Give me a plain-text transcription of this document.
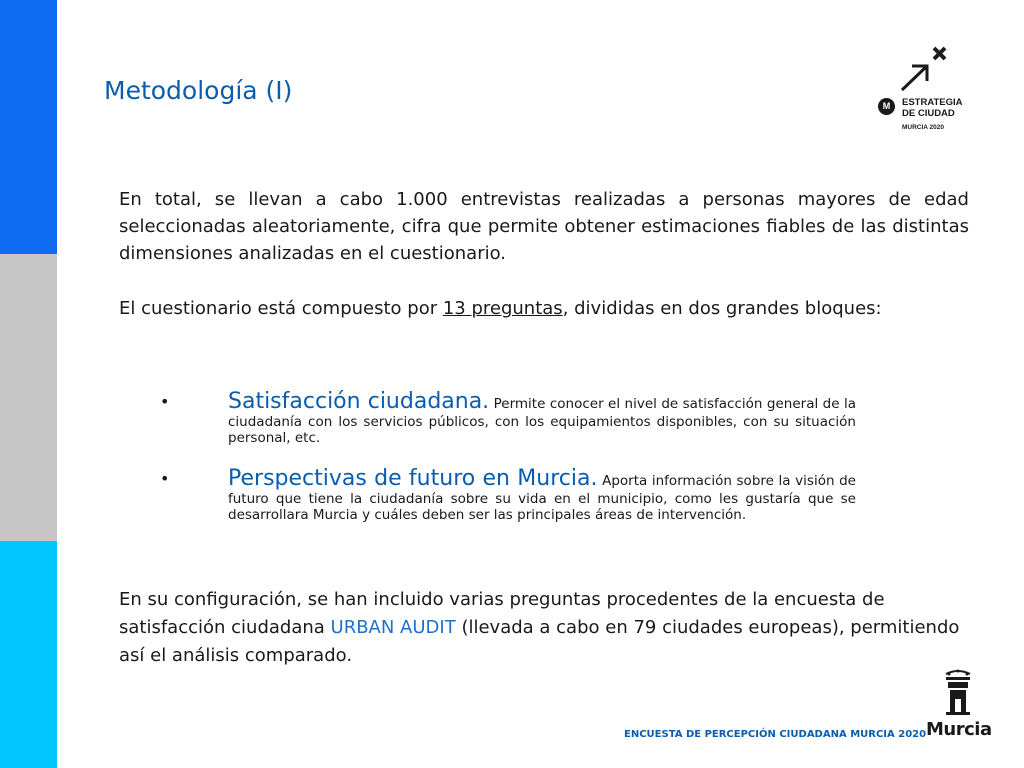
Metodología (I)
M	ESTRATEGIA
DE CIUDAD
MURCIA 2020

En total, se llevan a cabo 1.000 entrevistas realizadas a personas mayores de edad seleccionadas aleatoriamente, cifra que permite obtener estimaciones fiables de las distintas dimensiones analizadas en el cuestionario.

El cuestionario está compuesto por 13 preguntas, divididas en dos grandes bloques:

•	Satisfacción ciudadana. Permite conocer el nivel de satisfacción general de la ciudadanía con los servicios públicos, con los equipamientos disponibles, con su situación personal, etc.
•	Perspectivas de futuro en Murcia. Aporta información sobre la visión de futuro que tiene la ciudadanía sobre su vida en el municipio, como les gustaría que se desarrollara Murcia y cuáles deben ser las principales áreas de intervención.

En su configuración, se han incluido varias preguntas procedentes de la encuesta de satisfacción ciudadana URBAN AUDIT (llevada a cabo en 79 ciudades europeas), permitiendo así el análisis comparado.

ENCUESTA DE PERCEPCIÓN CIUDADANA MURCIA 2020 Murcia
